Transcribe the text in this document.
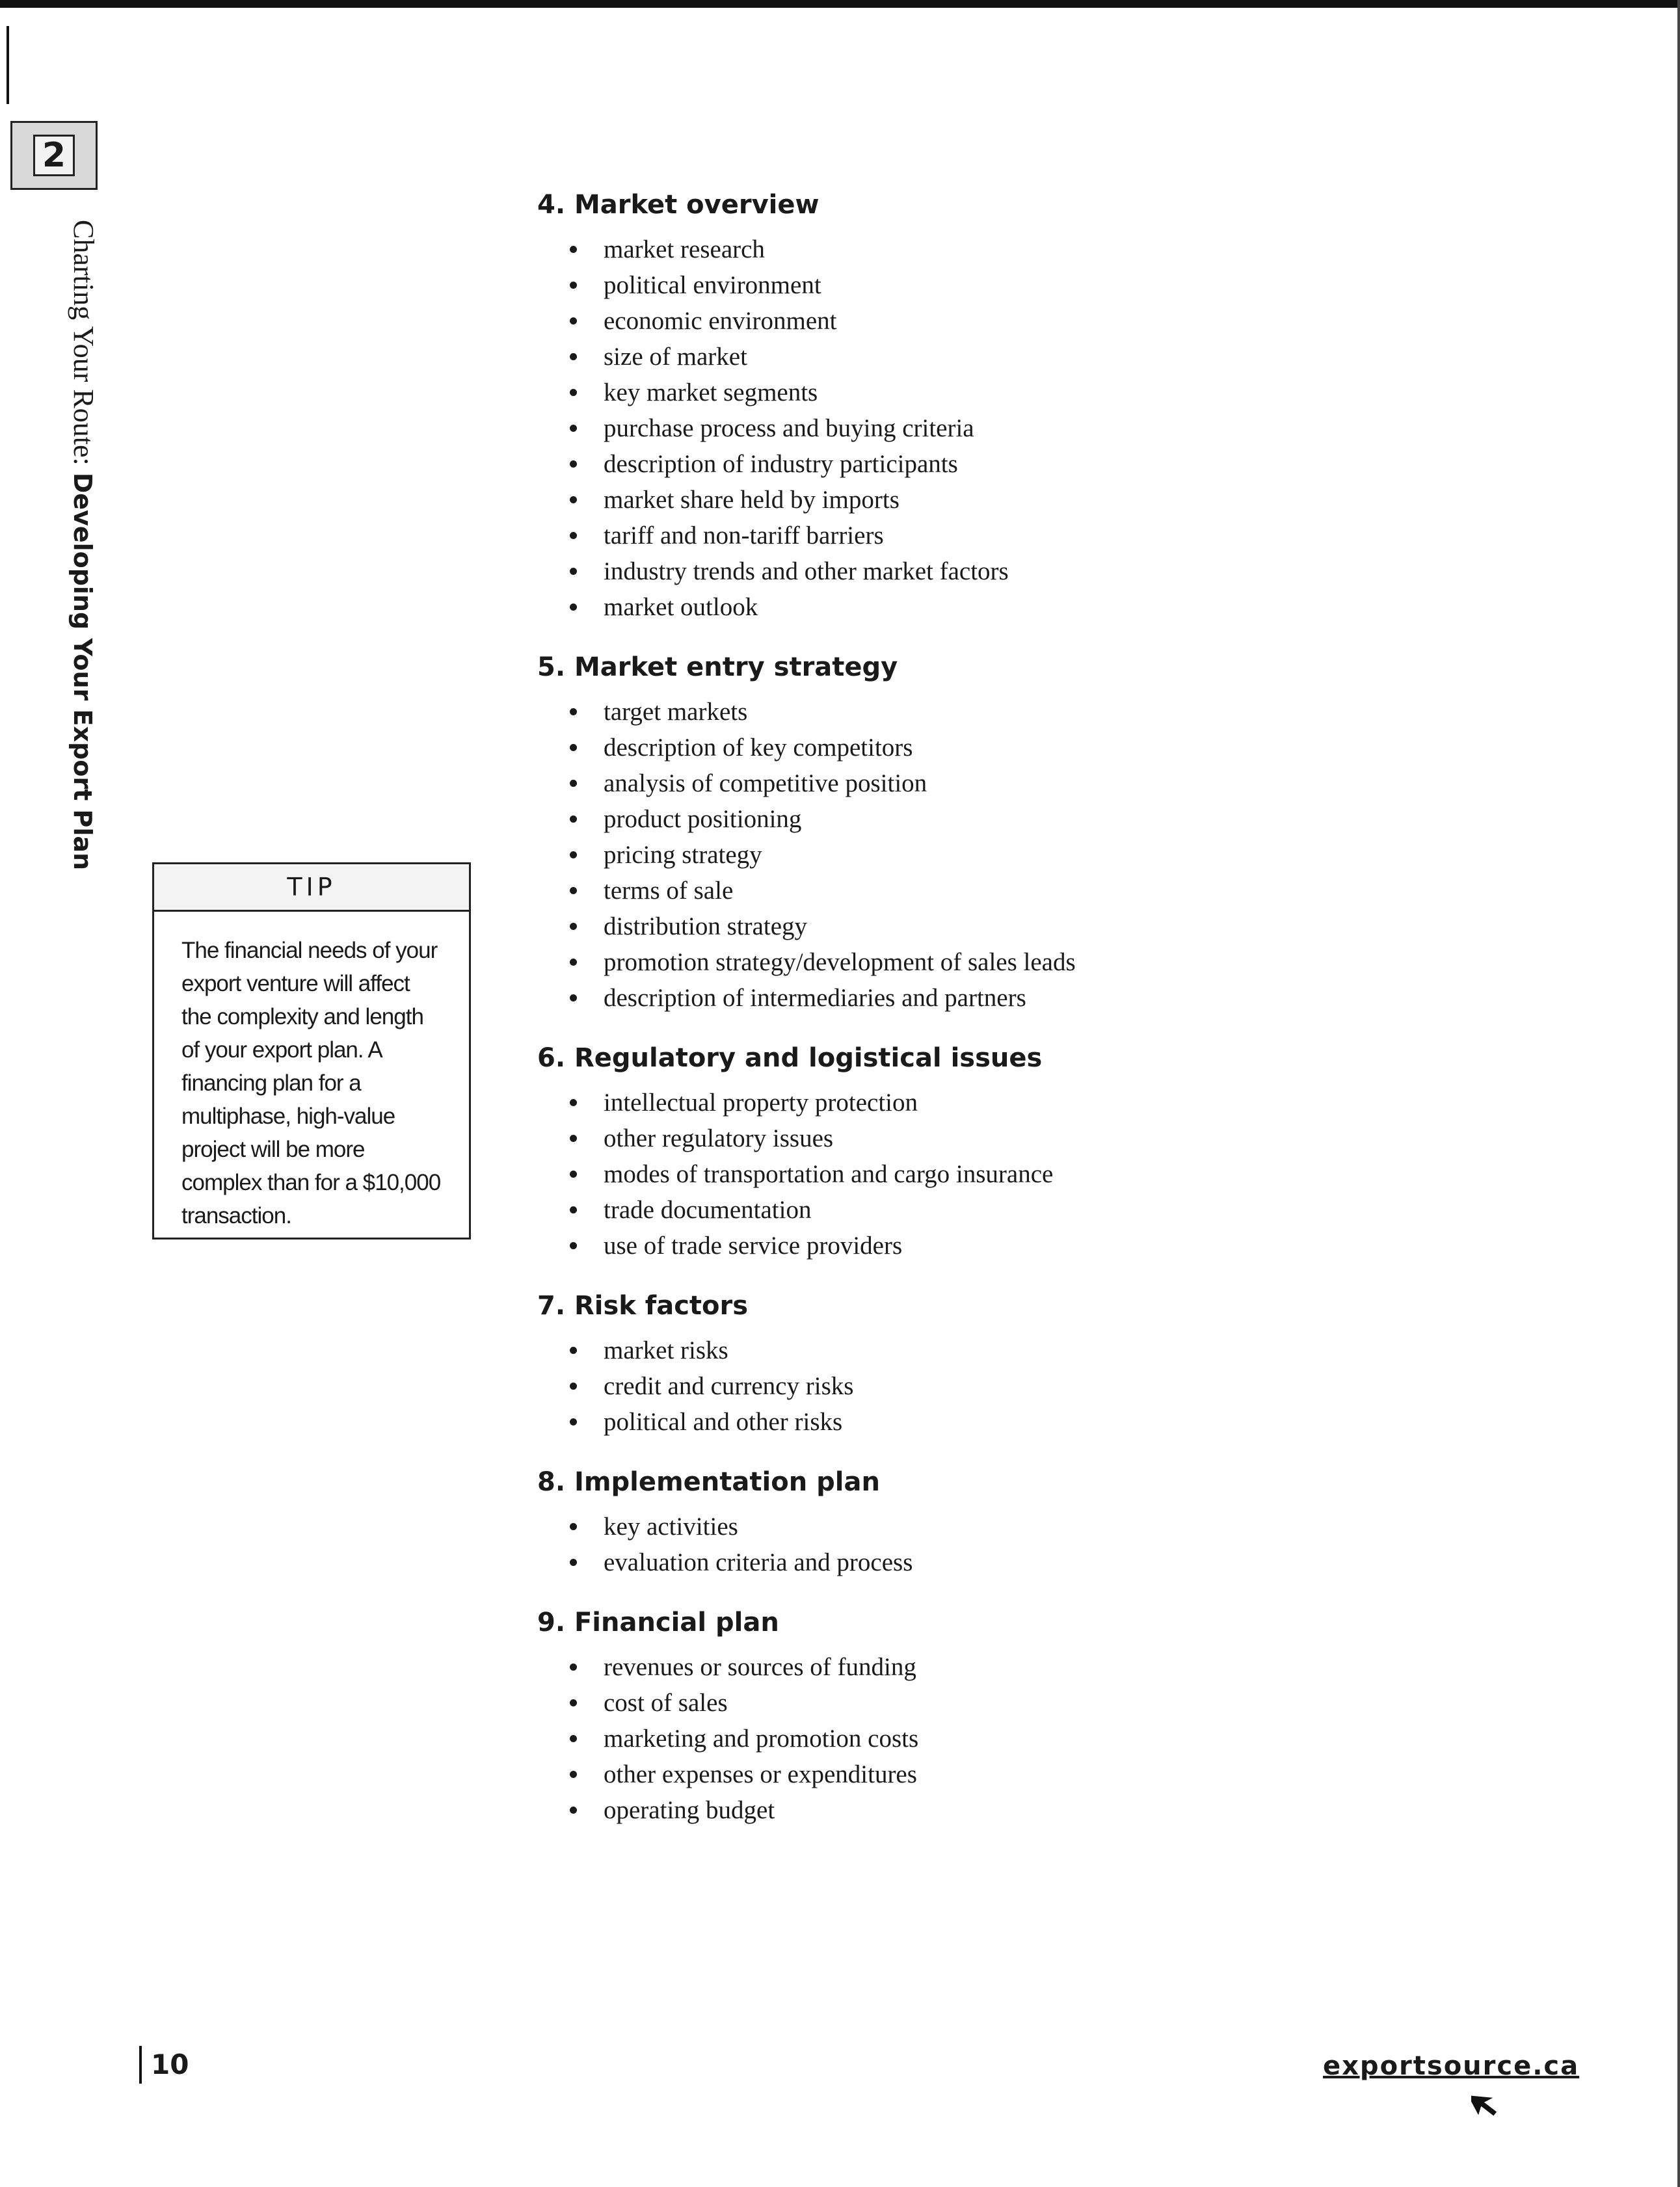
2
Charting Your Route: Developing Your Export Plan
TIP
The financial needs of your export venture will affect the complexity and length of your export plan. A financing plan for a multiphase, high-value project will be more complex than for a $10,000 transaction.
4. Market overview
market research
political environment
economic environment
size of market
key market segments
purchase process and buying criteria
description of industry participants
market share held by imports
tariff and non-tariff barriers
industry trends and other market factors
market outlook
5. Market entry strategy
target markets
description of key competitors
analysis of competitive position
product positioning
pricing strategy
terms of sale
distribution strategy
promotion strategy/development of sales leads
description of intermediaries and partners
6. Regulatory and logistical issues
intellectual property protection
other regulatory issues
modes of transportation and cargo insurance
trade documentation
use of trade service providers
7. Risk factors
market risks
credit and currency risks
political and other risks
8. Implementation plan
key activities
evaluation criteria and process
9. Financial plan
revenues or sources of funding
cost of sales
marketing and promotion costs
other expenses or expenditures
operating budget
10	exportsource.ca
